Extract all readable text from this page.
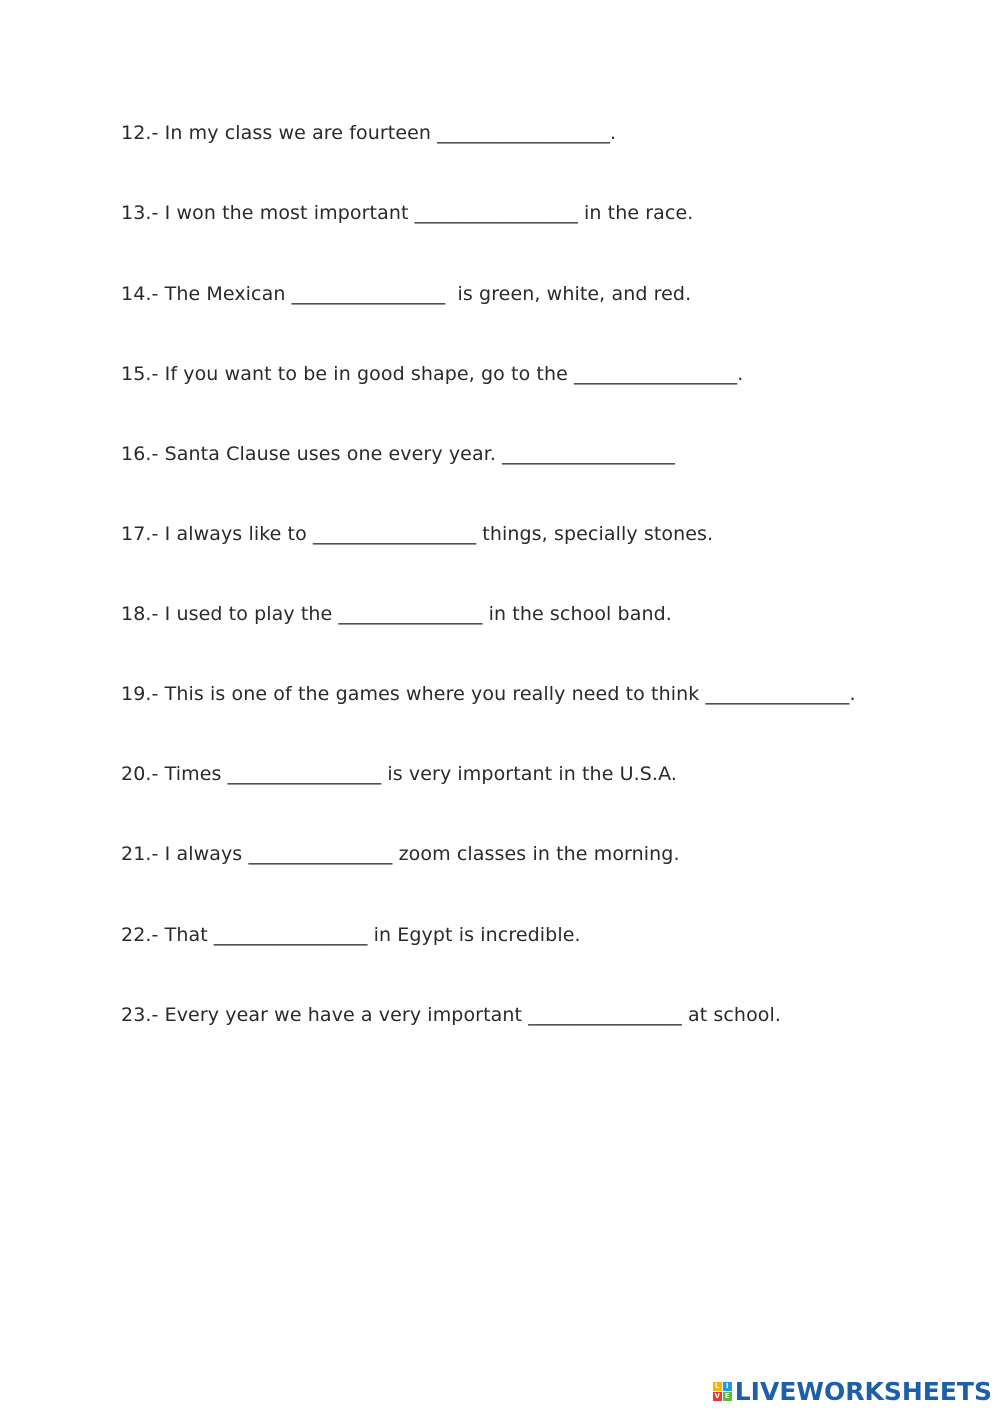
12.- In my class we are fourteen __________________.
13.- I won the most important _________________ in the race.
14.- The Mexican ________________  is green, white, and red.
15.- If you want to be in good shape, go to the _________________.
16.- Santa Clause uses one every year. __________________
17.- I always like to _________________ things, specially stones.
18.- I used to play the _______________ in the school band.
19.- This is one of the games where you really need to think _______________.
20.- Times ________________ is very important in the U.S.A.
21.- I always _______________ zoom classes in the morning.
22.- That ________________ in Egypt is incredible.
23.- Every year we have a very important ________________ at school.
L I
V E LIVEWORKSHEETS
